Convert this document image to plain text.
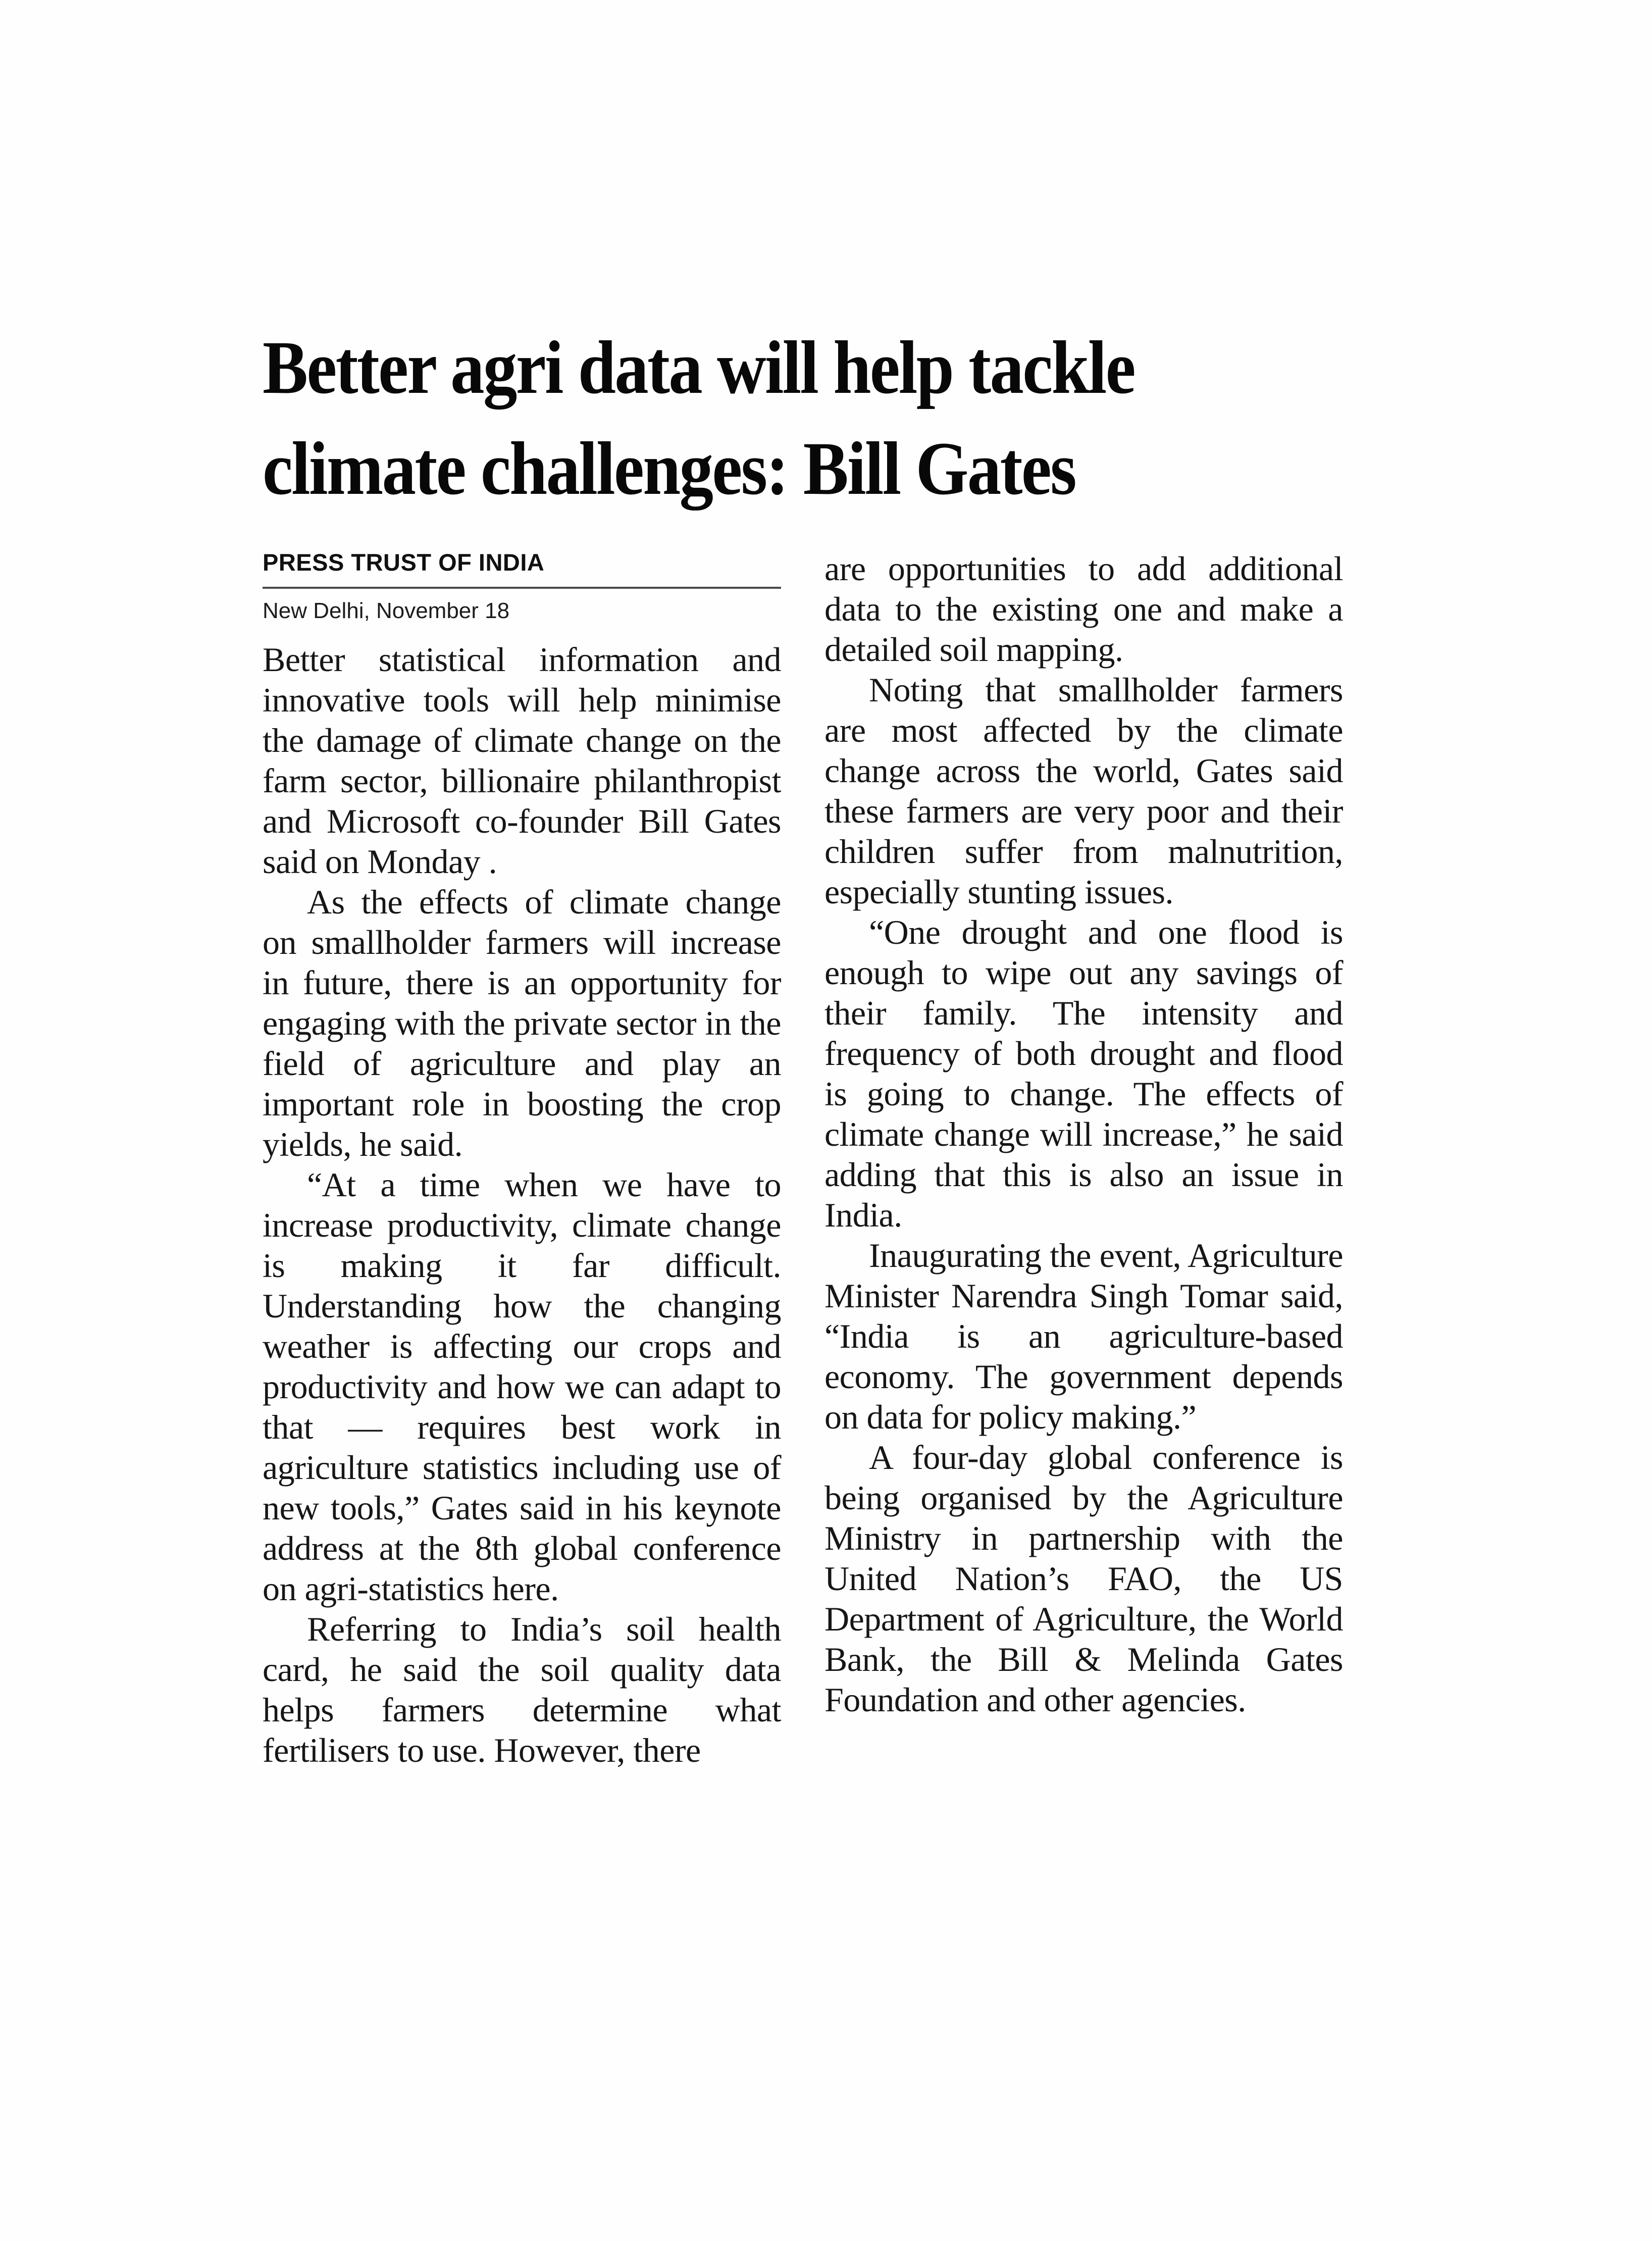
Better agri data will help tackle
climate challenges: Bill Gates
PRESS TRUST OF INDIA
New Delhi, November 18

Better statistical information and innovative tools will help minimise the damage of climate change on the farm sector, billionaire philanthropist and Microsoft co-founder Bill Gates said on Monday .

As the effects of climate change on smallholder farmers will increase in future, there is an opportunity for engaging with the private sector in the field of agriculture and play an important role in boosting the crop yields, he said.

“At a time when we have to increase productivity, climate change is making it far difficult. Understanding how the changing weather is affecting our crops and productivity and how we can adapt to that — requires best work in agriculture statistics including use of new tools,” Gates said in his keynote address at the 8th global conference on agri-statistics here.

Referring to India’s soil health card, he said the soil quality data helps farmers determine what fertilisers to use. However, there

are opportunities to add additional data to the existing one and make a detailed soil mapping.

Noting that smallholder farmers are most affected by the climate change across the world, Gates said these farmers are very poor and their children suffer from malnutrition, especially stunting issues.

“One drought and one flood is enough to wipe out any savings of their family. The intensity and frequency of both drought and flood is going to change. The effects of climate change will increase,” he said adding that this is also an issue in India.

Inaugurating the event, Agriculture Minister Narendra Singh Tomar said, “India is an agriculture-based economy. The government depends on data for policy making.”

A four-day global conference is being organised by the Agriculture Ministry in partnership with the United Nation’s FAO, the US Department of Agriculture, the World Bank, the Bill & Melinda Gates Foundation and other agencies.
